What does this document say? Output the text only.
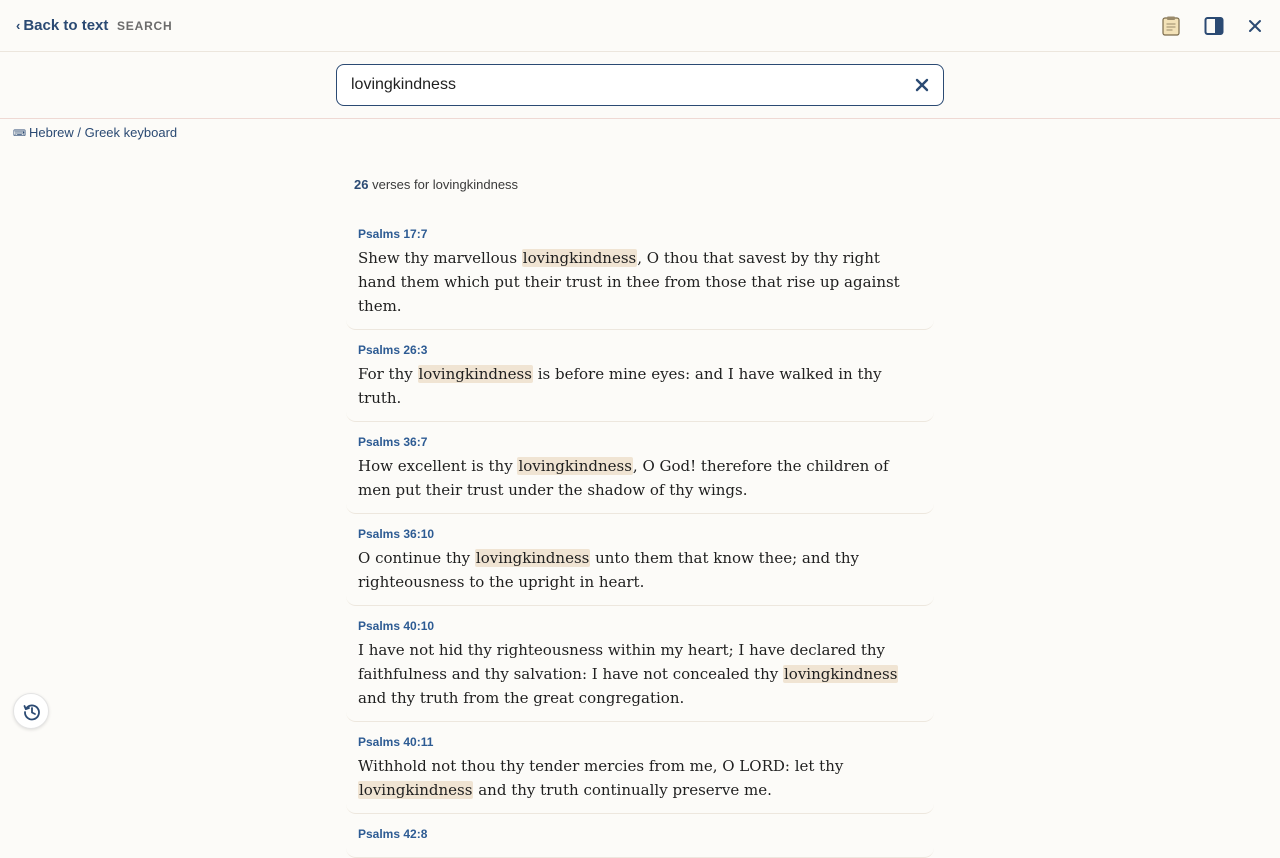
‹ Back to text SEARCH
lovingkindness
⌨ Hebrew / Greek keyboard
26 verses for lovingkindness
Psalms 17:7
Shew thy marvellous lovingkindness, O thou that savest by thy right hand them which put their trust in thee from those that rise up against them.
Psalms 26:3
For thy lovingkindness is before mine eyes: and I have walked in thy truth.
Psalms 36:7
How excellent is thy lovingkindness, O God! therefore the children of men put their trust under the shadow of thy wings.
Psalms 36:10
O continue thy lovingkindness unto them that know thee; and thy righteousness to the upright in heart.
Psalms 40:10
I have not hid thy righteousness within my heart; I have declared thy faithfulness and thy salvation: I have not concealed thy lovingkindness and thy truth from the great congregation.
Psalms 40:11
Withhold not thou thy tender mercies from me, O LORD: let thy lovingkindness and thy truth continually preserve me.
Psalms 42:8
